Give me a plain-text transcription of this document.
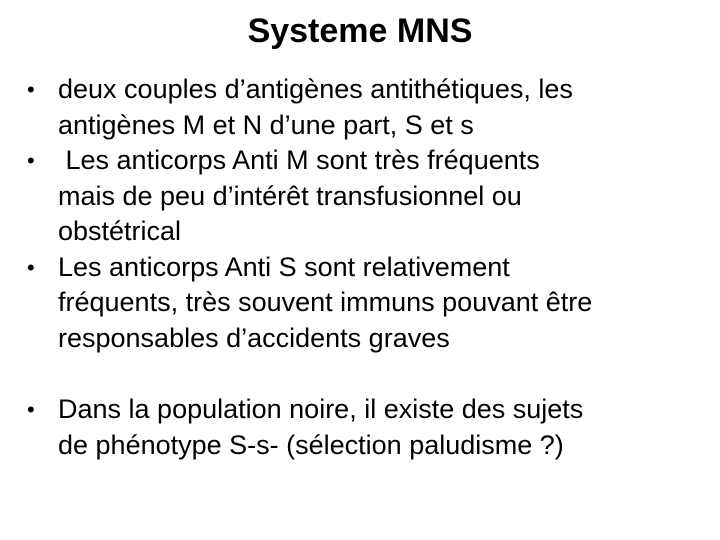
Systeme MNS
• deux couples d’antigènes antithétiques, les
antigènes M et N d’une part, S et s
• Les anticorps Anti M sont très fréquents
mais de peu d’intérêt transfusionnel ou
obstétrical
• Les anticorps Anti S sont relativement
fréquents, très souvent immuns pouvant être
responsables d’accidents graves
• Dans la population noire, il existe des sujets
de phénotype S-s- (sélection paludisme ?)
